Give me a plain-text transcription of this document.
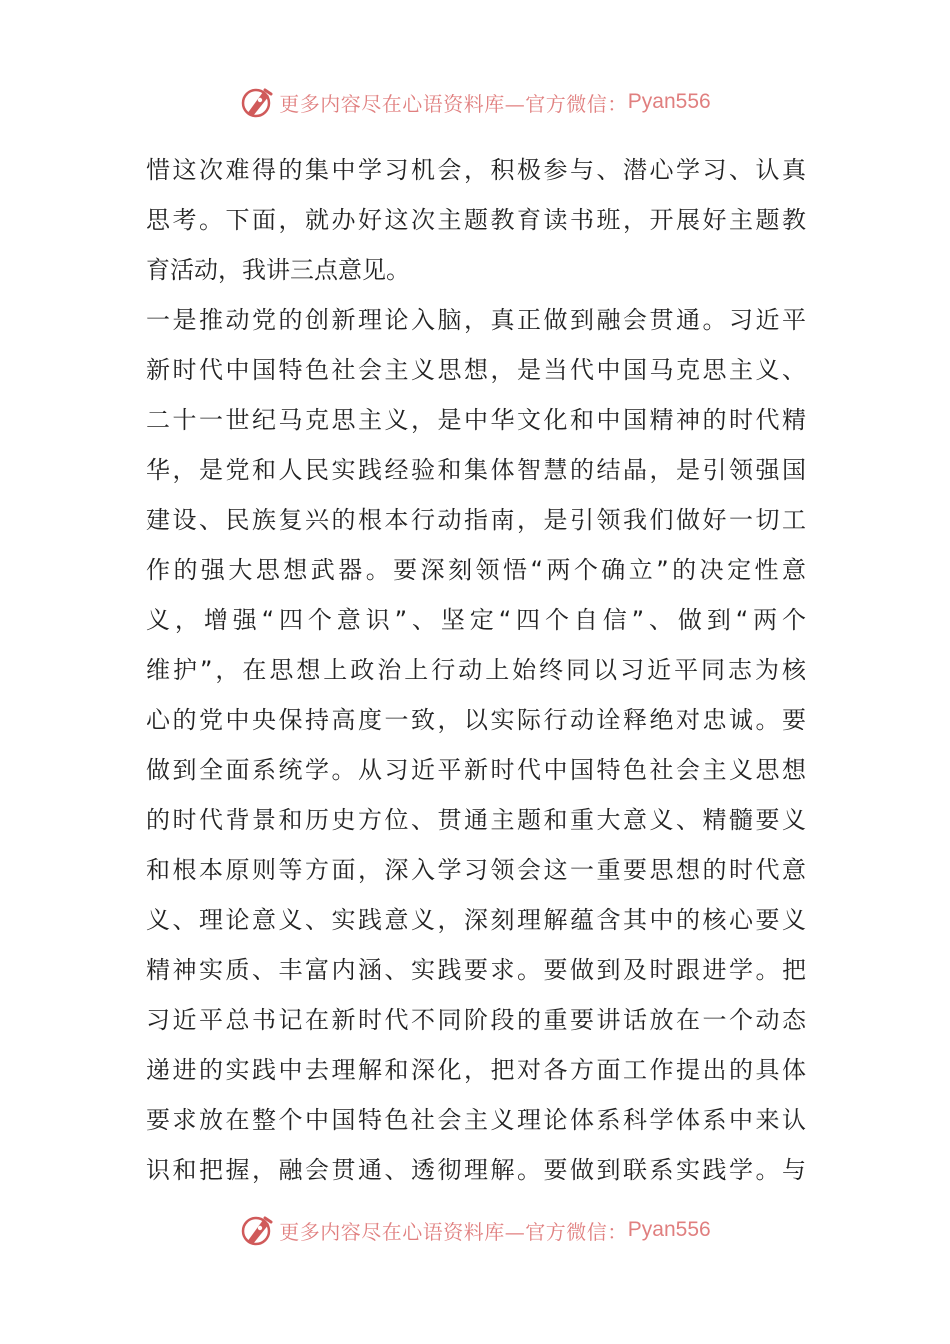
更多内容尽在心语资料库—官方微信： Pyan556
惜这次难得的集中学习机会，积极参与、潜心学习、认真
思考。下面，就办好这次主题教育读书班，开展好主题教
育活动，我讲三点意见。
一是推动党的创新理论入脑，真正做到融会贯通。习近平
新时代中国特色社会主义思想，是当代中国马克思主义、
二十一世纪马克思主义，是中华文化和中国精神的时代精
华，是党和人民实践经验和集体智慧的结晶，是引领强国
建设、民族复兴的根本行动指南，是引领我们做好一切工
作的强大思想武器。要深刻领悟“两个确立”的决定性意
义，增强“四个意识”、坚定“四个自信”、做到“两个
维护”，在思想上政治上行动上始终同以习近平同志为核
心的党中央保持高度一致，以实际行动诠释绝对忠诚。要
做到全面系统学。从习近平新时代中国特色社会主义思想
的时代背景和历史方位、贯通主题和重大意义、精髓要义
和根本原则等方面，深入学习领会这一重要思想的时代意
义、理论意义、实践意义，深刻理解蕴含其中的核心要义
精神实质、丰富内涵、实践要求。要做到及时跟进学。把
习近平总书记在新时代不同阶段的重要讲话放在一个动态
递进的实践中去理解和深化，把对各方面工作提出的具体
要求放在整个中国特色社会主义理论体系科学体系中来认
识和把握，融会贯通、透彻理解。要做到联系实践学。与
更多内容尽在心语资料库—官方微信： Pyan556
